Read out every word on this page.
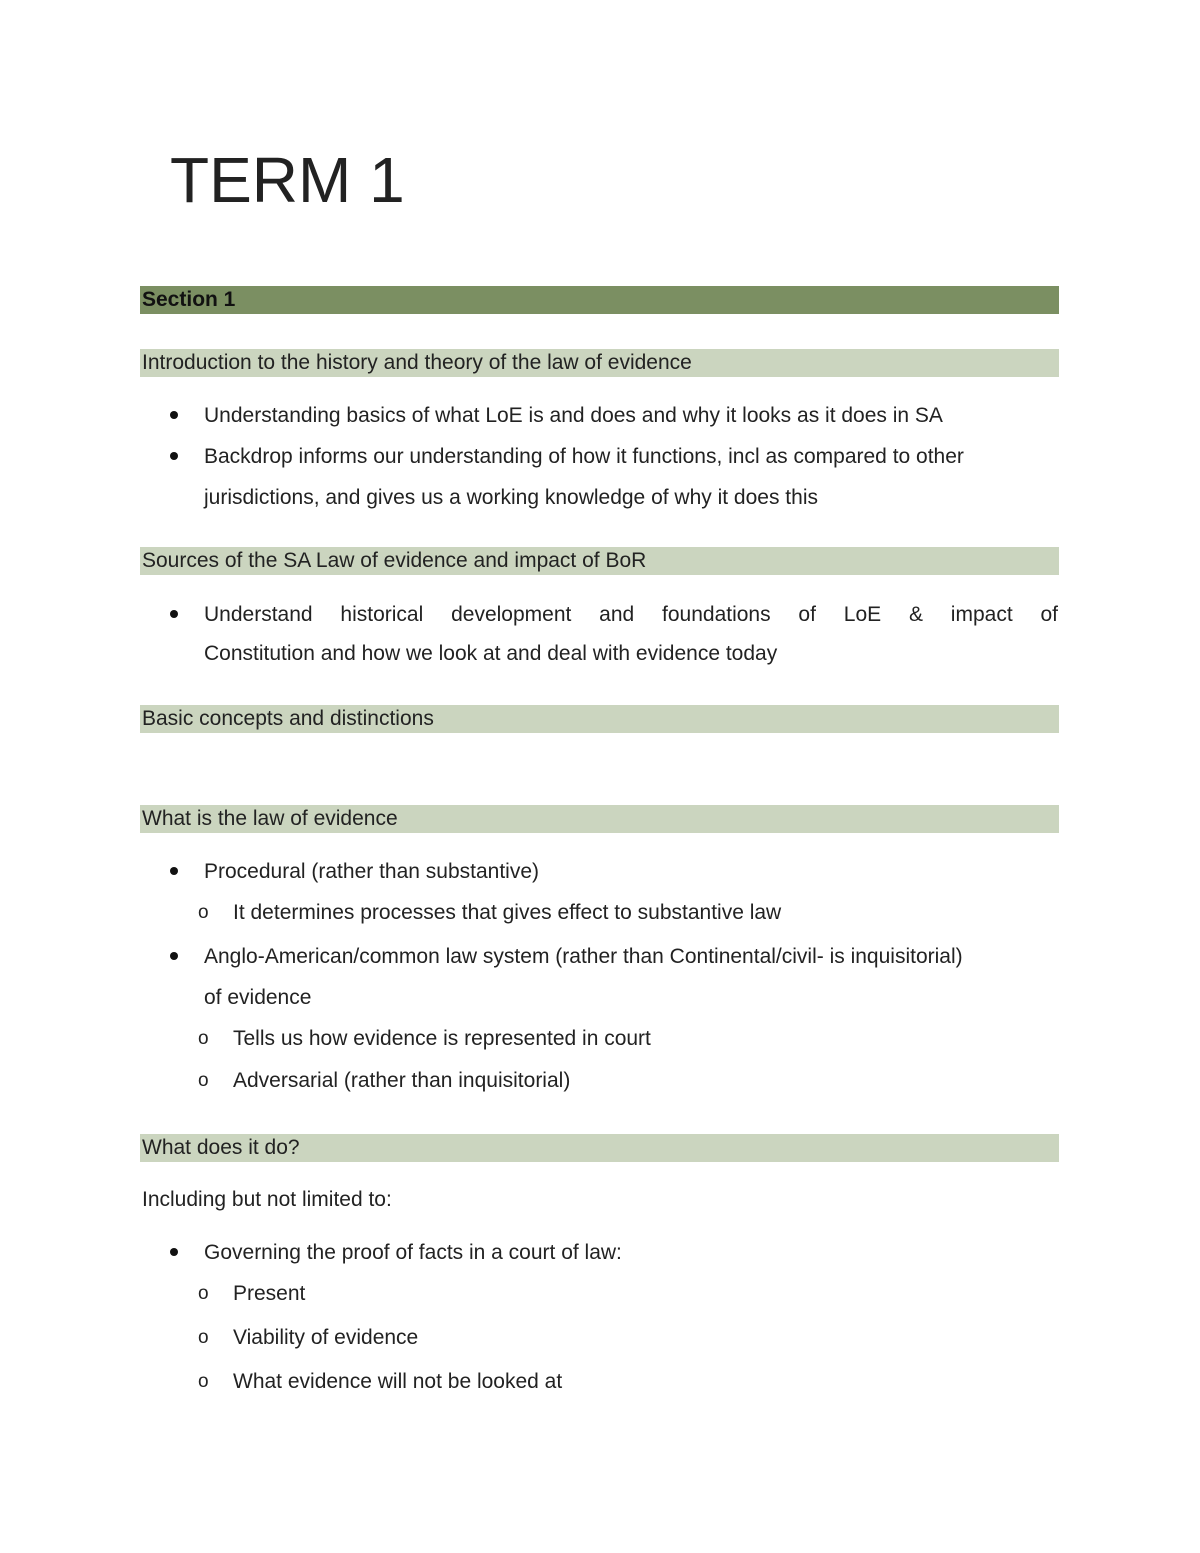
TERM 1
Section 1
Introduction to the history and theory of the law of evidence
Understanding basics of what LoE is and does and why it looks as it does in SA
Backdrop informs our understanding of how it functions, incl as compared to other
jurisdictions, and gives us a working knowledge of why it does this
Sources of the SA Law of evidence and impact of BoR
Understand historical development and foundations of LoE & impact of
Constitution and how we look at and deal with evidence today
Basic concepts and distinctions
What is the law of evidence
Procedural (rather than substantive)
o It determines processes that gives effect to substantive law
Anglo-American/common law system (rather than Continental/civil- is inquisitorial)
of evidence
o Tells us how evidence is represented in court
o Adversarial (rather than inquisitorial)
What does it do?
Including but not limited to:
Governing the proof of facts in a court of law:
o Present
o Viability of evidence
o What evidence will not be looked at
